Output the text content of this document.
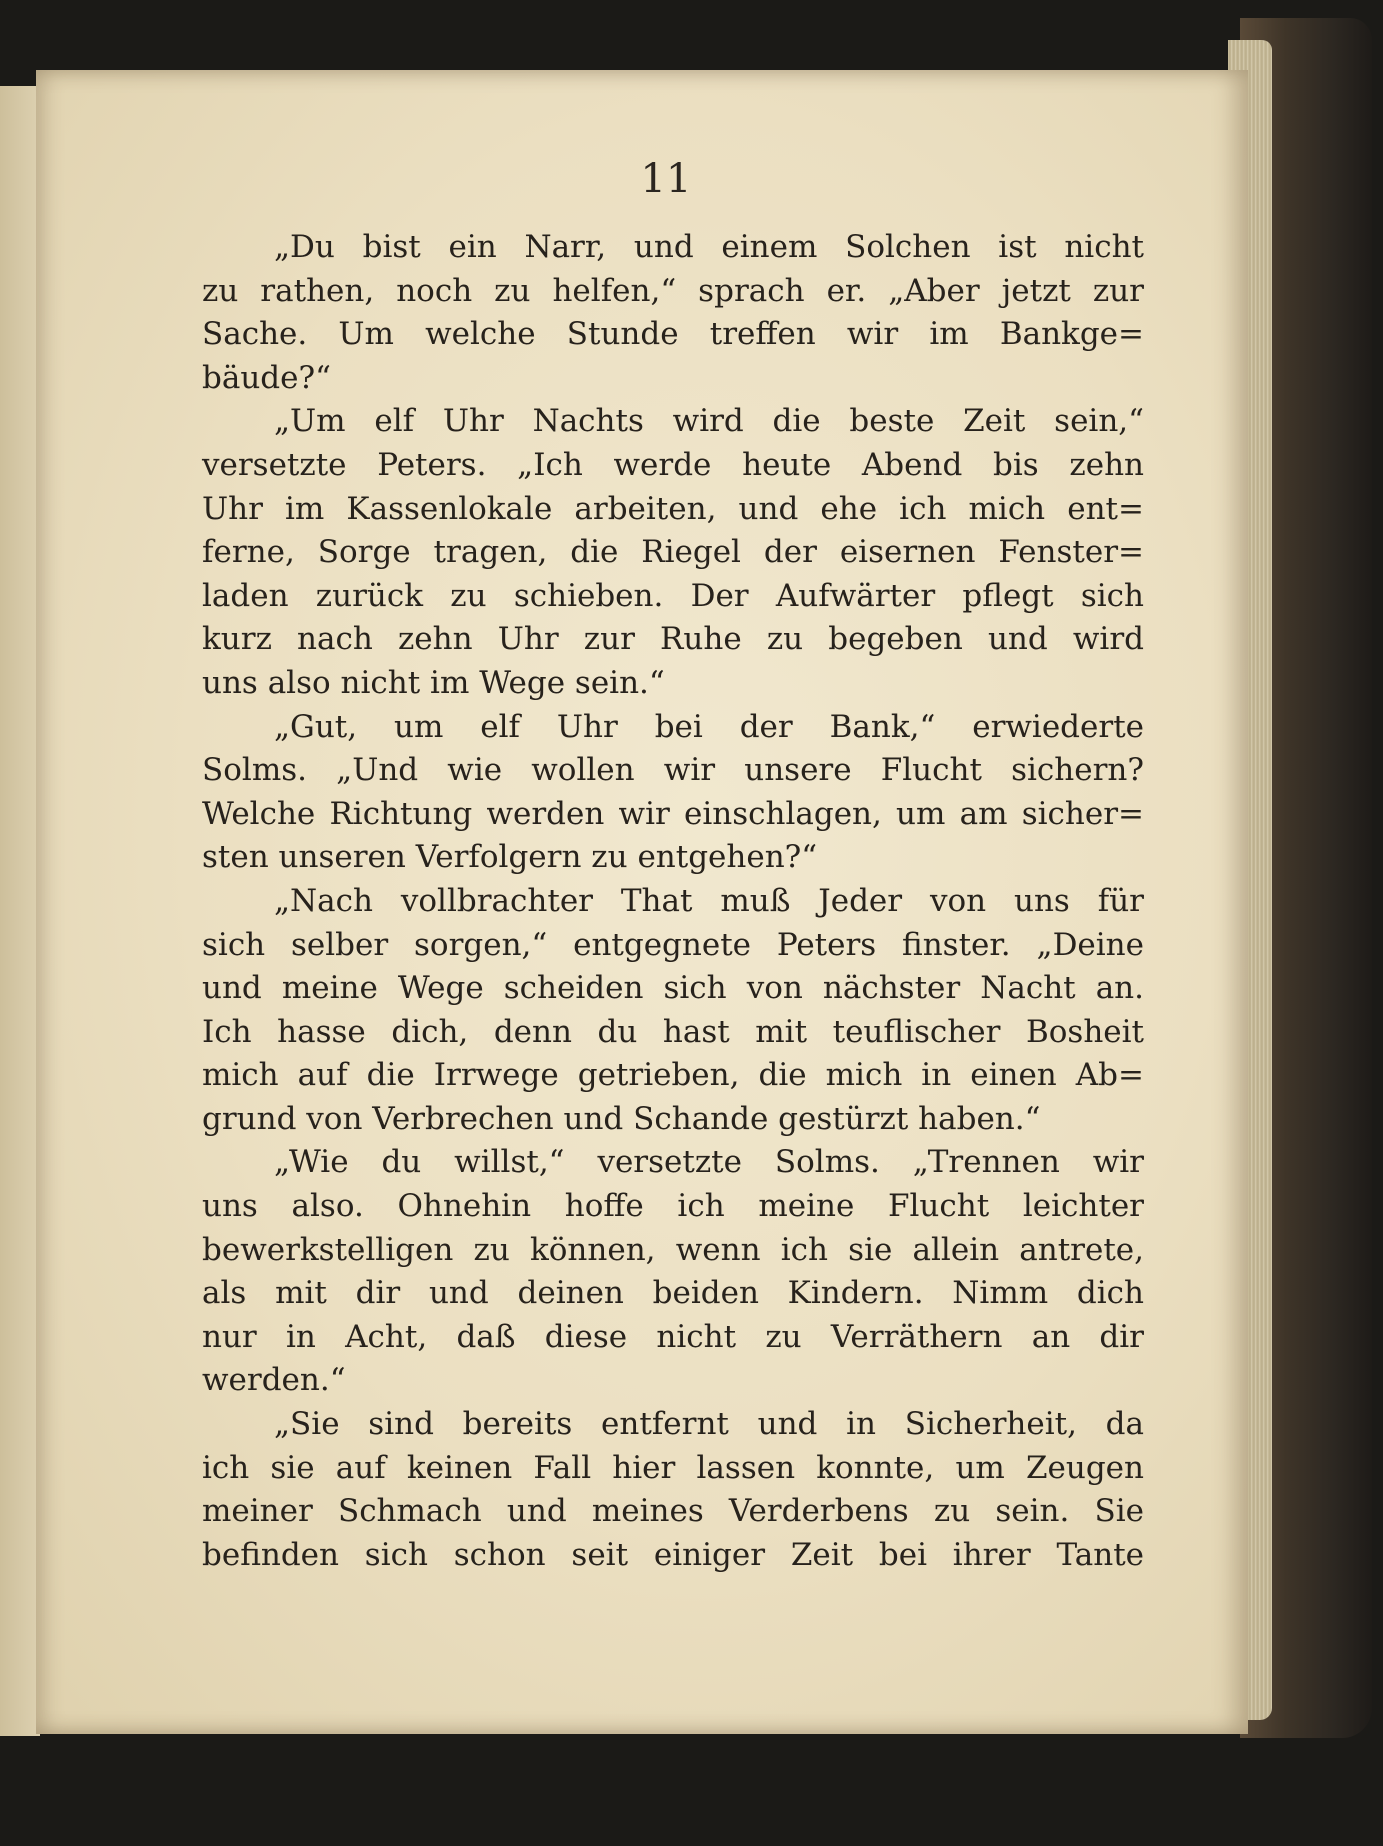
11

„Du bist ein Narr, und einem Solchen ist nicht
zu rathen, noch zu helfen,“ sprach er. „Aber jetzt zur
Sache. Um welche Stunde treffen wir im Bankge=
bäude?“

„Um elf Uhr Nachts wird die beste Zeit sein,“
versetzte Peters. „Ich werde heute Abend bis zehn
Uhr im Kassenlokale arbeiten, und ehe ich mich ent=
ferne, Sorge tragen, die Riegel der eisernen Fenster=
laden zurück zu schieben. Der Aufwärter pflegt sich
kurz nach zehn Uhr zur Ruhe zu begeben und wird
uns also nicht im Wege sein.“

„Gut, um elf Uhr bei der Bank,“ erwiederte
Solms. „Und wie wollen wir unsere Flucht sichern?
Welche Richtung werden wir einschlagen, um am sicher=
sten unseren Verfolgern zu entgehen?“

„Nach vollbrachter That muß Jeder von uns für
sich selber sorgen,“ entgegnete Peters finster. „Deine
und meine Wege scheiden sich von nächster Nacht an.
Ich hasse dich, denn du hast mit teuflischer Bosheit
mich auf die Irrwege getrieben, die mich in einen Ab=
grund von Verbrechen und Schande gestürzt haben.“

„Wie du willst,“ versetzte Solms. „Trennen wir
uns also. Ohnehin hoffe ich meine Flucht leichter
bewerkstelligen zu können, wenn ich sie allein antrete,
als mit dir und deinen beiden Kindern. Nimm dich
nur in Acht, daß diese nicht zu Verräthern an dir
werden.“

„Sie sind bereits entfernt und in Sicherheit, da
ich sie auf keinen Fall hier lassen konnte, um Zeugen
meiner Schmach und meines Verderbens zu sein. Sie
befinden sich schon seit einiger Zeit bei ihrer Tante
